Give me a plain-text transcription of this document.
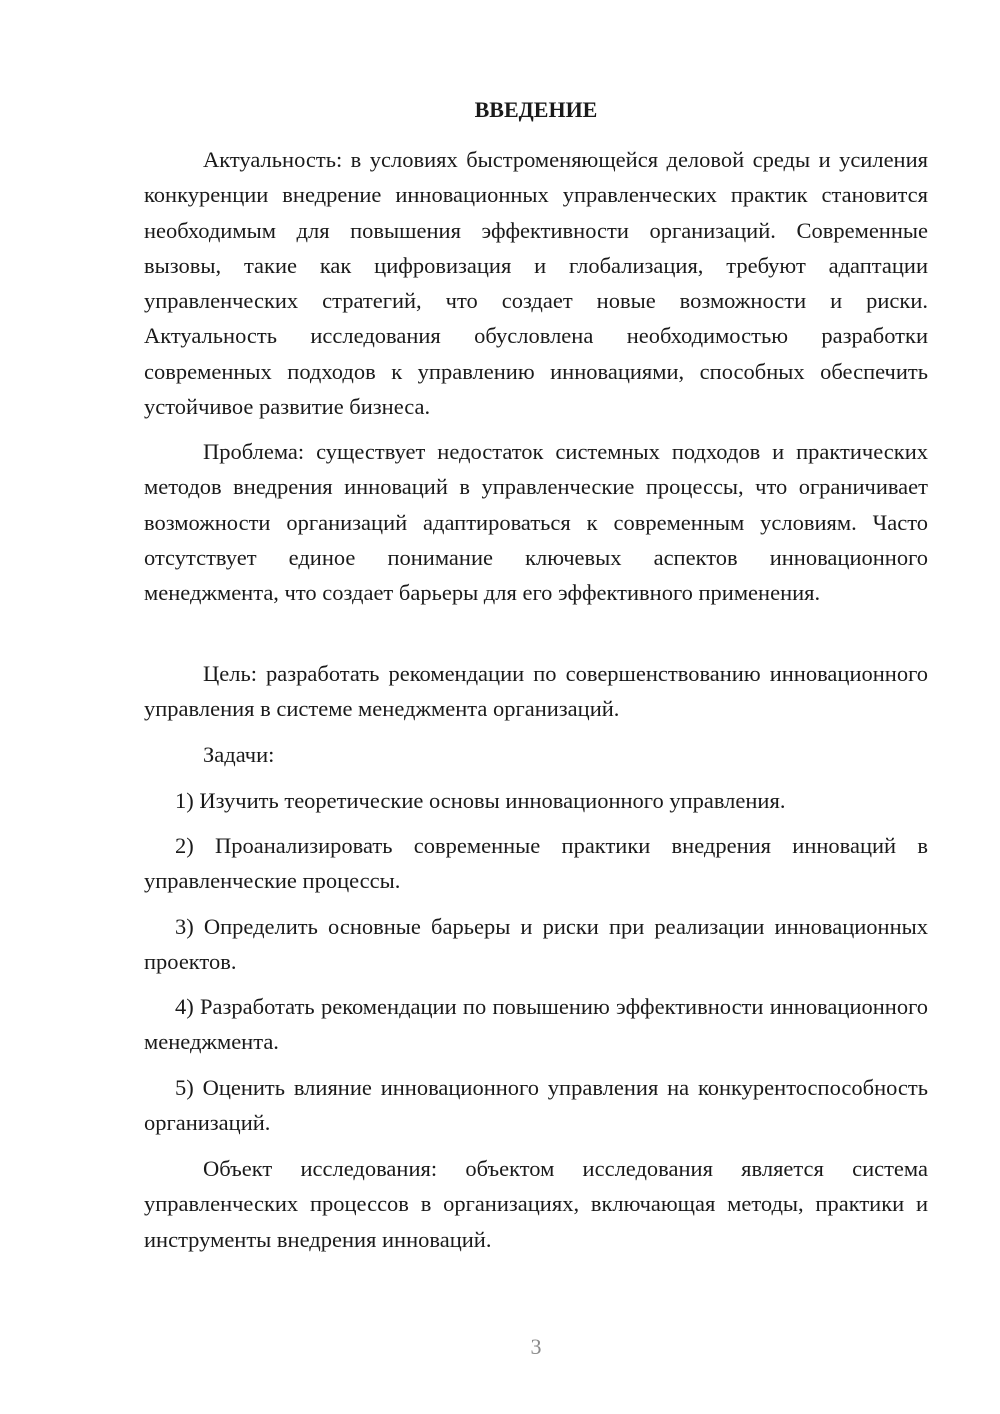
ВВЕДЕНИЕ

Актуальность: в условиях быстроменяющейся деловой среды и усиления конкуренции внедрение инновационных управленческих практик становится необходимым для повышения эффективности организаций. Современные вызовы, такие как цифровизация и глобализация, требуют адаптации управленческих стратегий, что создает новые возможности и риски. Актуальность исследования обусловлена необходимостью разработки современных подходов к управлению инновациями, способных обеспечить устойчивое развитие бизнеса.

Проблема: существует недостаток системных подходов и практических методов внедрения инноваций в управленческие процессы, что ограничивает возможности организаций адаптироваться к современным условиям. Часто отсутствует единое понимание ключевых аспектов инновационного менеджмента, что создает барьеры для его эффективного применения.

Цель: разработать рекомендации по совершенствованию инновационного управления в системе менеджмента организаций.

Задачи:

1) Изучить теоретические основы инновационного управления.

2) Проанализировать современные практики внедрения инноваций в управленческие процессы.

3) Определить основные барьеры и риски при реализации инновационных проектов.

4) Разработать рекомендации по повышению эффективности инновационного менеджмента.

5) Оценить влияние инновационного управления на конкурентоспособность организаций.

Объект исследования: объектом исследования является система управленческих процессов в организациях, включающая методы, практики и инструменты внедрения инноваций.

3
